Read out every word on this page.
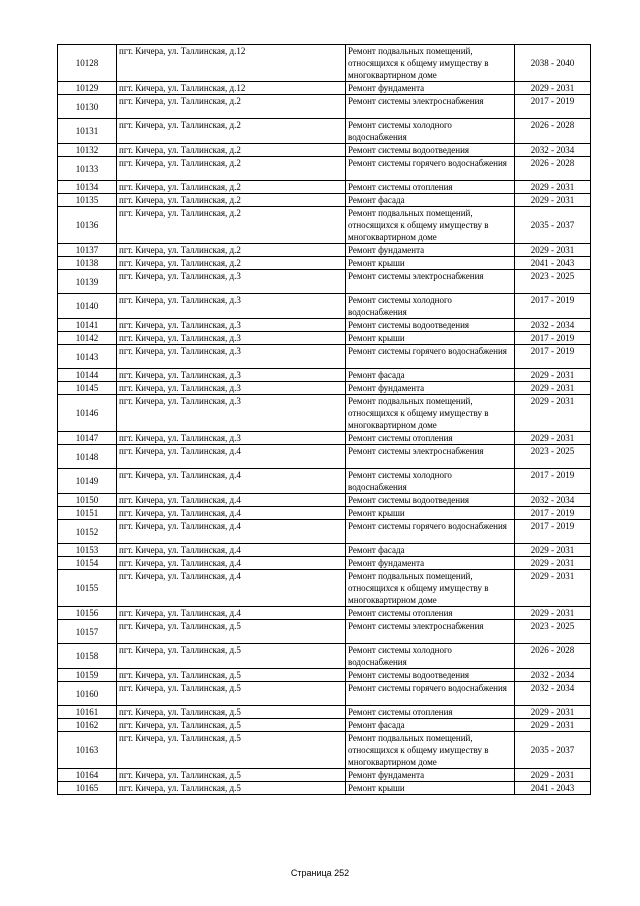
10128	пгт. Кичера, ул. Таллинская, д.12	Ремонт подвальных помещений, относящихся к общему имуществу в многоквартирном доме	2038 - 2040
10129	пгт. Кичера, ул. Таллинская, д.12	Ремонт фундамента	2029 - 2031
10130	пгт. Кичера, ул. Таллинская, д.2	Ремонт системы электроснабжения	2017 - 2019
10131	пгт. Кичера, ул. Таллинская, д.2	Ремонт системы холодного водоснабжения	2026 - 2028
10132	пгт. Кичера, ул. Таллинская, д.2	Ремонт системы водоотведения	2032 - 2034
10133	пгт. Кичера, ул. Таллинская, д.2	Ремонт системы горячего водоснабжения	2026 - 2028
10134	пгт. Кичера, ул. Таллинская, д.2	Ремонт системы отопления	2029 - 2031
10135	пгт. Кичера, ул. Таллинская, д.2	Ремонт фасада	2029 - 2031
10136	пгт. Кичера, ул. Таллинская, д.2	Ремонт подвальных помещений, относящихся к общему имуществу в многоквартирном доме	2035 - 2037
10137	пгт. Кичера, ул. Таллинская, д.2	Ремонт фундамента	2029 - 2031
10138	пгт. Кичера, ул. Таллинская, д.2	Ремонт крыши	2041 - 2043
10139	пгт. Кичера, ул. Таллинская, д.3	Ремонт системы электроснабжения	2023 - 2025
10140	пгт. Кичера, ул. Таллинская, д.3	Ремонт системы холодного водоснабжения	2017 - 2019
10141	пгт. Кичера, ул. Таллинская, д.3	Ремонт системы водоотведения	2032 - 2034
10142	пгт. Кичера, ул. Таллинская, д.3	Ремонт крыши	2017 - 2019
10143	пгт. Кичера, ул. Таллинская, д.3	Ремонт системы горячего водоснабжения	2017 - 2019
10144	пгт. Кичера, ул. Таллинская, д.3	Ремонт фасада	2029 - 2031
10145	пгт. Кичера, ул. Таллинская, д.3	Ремонт фундамента	2029 - 2031
10146	пгт. Кичера, ул. Таллинская, д.3	Ремонт подвальных помещений, относящихся к общему имуществу в многоквартирном доме	2029 - 2031
10147	пгт. Кичера, ул. Таллинская, д.3	Ремонт системы отопления	2029 - 2031
10148	пгт. Кичера, ул. Таллинская, д.4	Ремонт системы электроснабжения	2023 - 2025
10149	пгт. Кичера, ул. Таллинская, д.4	Ремонт системы холодного водоснабжения	2017 - 2019
10150	пгт. Кичера, ул. Таллинская, д.4	Ремонт системы водоотведения	2032 - 2034
10151	пгт. Кичера, ул. Таллинская, д.4	Ремонт крыши	2017 - 2019
10152	пгт. Кичера, ул. Таллинская, д.4	Ремонт системы горячего водоснабжения	2017 - 2019
10153	пгт. Кичера, ул. Таллинская, д.4	Ремонт фасада	2029 - 2031
10154	пгт. Кичера, ул. Таллинская, д.4	Ремонт фундамента	2029 - 2031
10155	пгт. Кичера, ул. Таллинская, д.4	Ремонт подвальных помещений, относящихся к общему имуществу в многоквартирном доме	2029 - 2031
10156	пгт. Кичера, ул. Таллинская, д.4	Ремонт системы отопления	2029 - 2031
10157	пгт. Кичера, ул. Таллинская, д.5	Ремонт системы электроснабжения	2023 - 2025
10158	пгт. Кичера, ул. Таллинская, д.5	Ремонт системы холодного водоснабжения	2026 - 2028
10159	пгт. Кичера, ул. Таллинская, д.5	Ремонт системы водоотведения	2032 - 2034
10160	пгт. Кичера, ул. Таллинская, д.5	Ремонт системы горячего водоснабжения	2032 - 2034
10161	пгт. Кичера, ул. Таллинская, д.5	Ремонт системы отопления	2029 - 2031
10162	пгт. Кичера, ул. Таллинская, д.5	Ремонт фасада	2029 - 2031
10163	пгт. Кичера, ул. Таллинская, д.5	Ремонт подвальных помещений, относящихся к общему имуществу в многоквартирном доме	2035 - 2037
10164	пгт. Кичера, ул. Таллинская, д.5	Ремонт фундамента	2029 - 2031
10165	пгт. Кичера, ул. Таллинская, д.5	Ремонт крыши	2041 - 2043
Страница 252
